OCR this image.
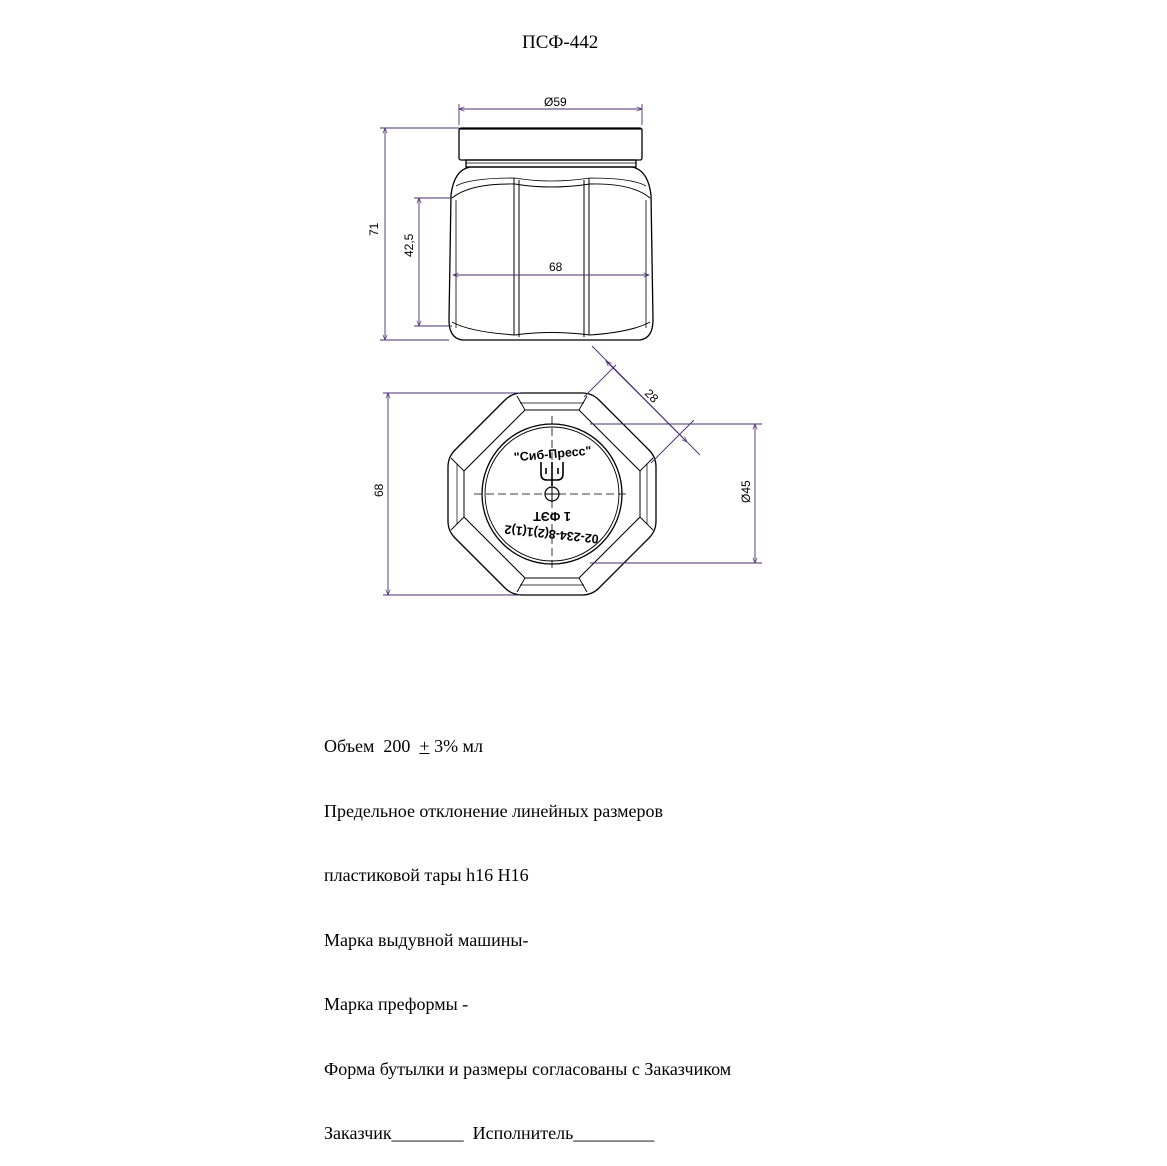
ПСФ-442
Ø59
71
42,5
68
"Сиб-Пресс"
1 ФЭТ
02-234-8(2)1(1)2
68	Ø45
28

Объем  200  + 3% мл

Предельное отклонение линейных размеров

пластиковой тары h16 H16

Марка выдувной машины-

Марка преформы -

Форма бутылки и размеры согласованы с Заказчиком

Заказчик________  Исполнитель_________
